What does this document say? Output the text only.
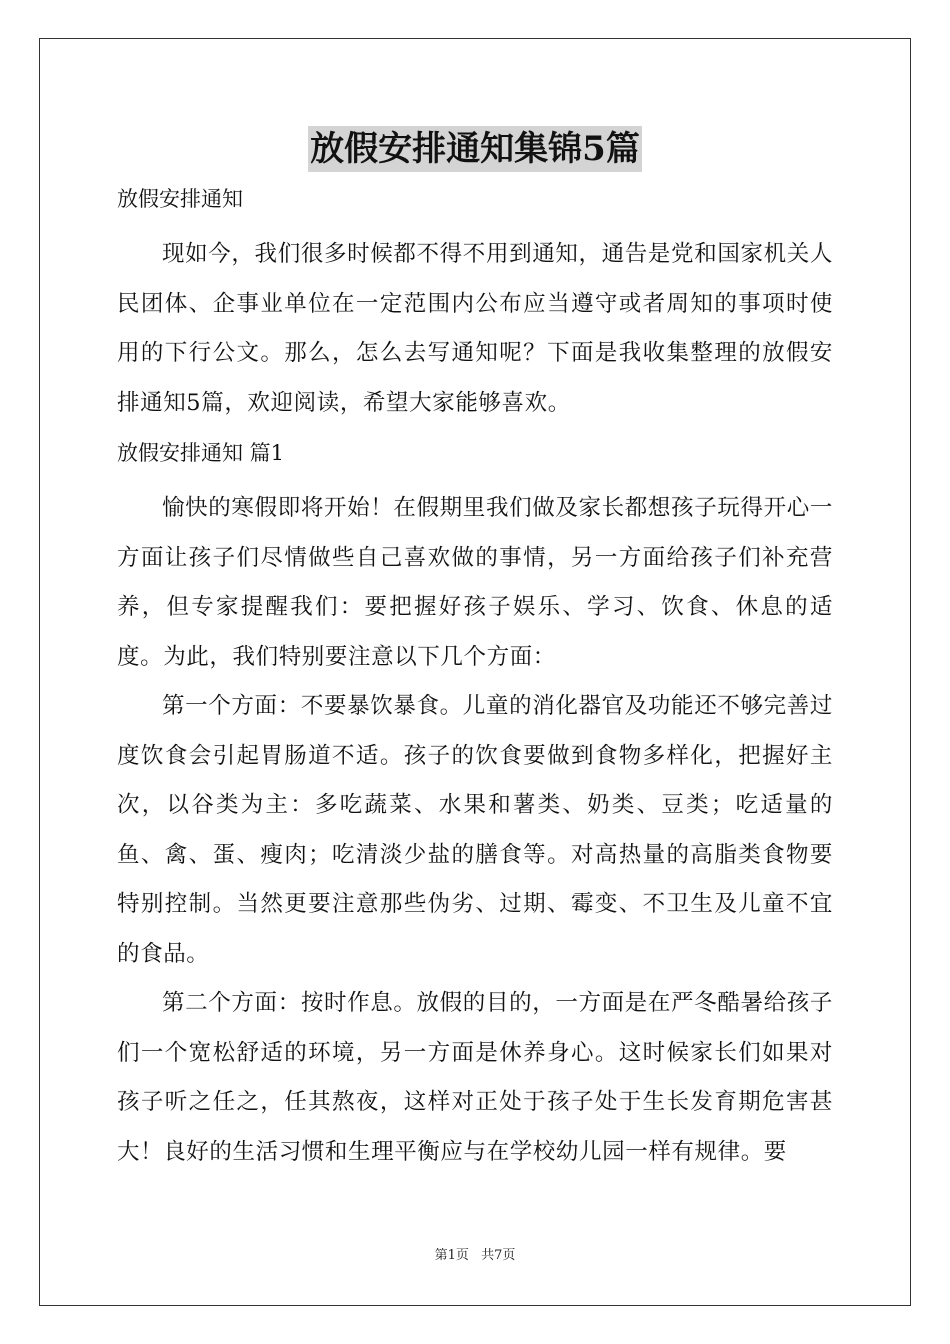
放假安排通知集锦5篇
放假安排通知

现如今，我们很多时候都不得不用到通知，通告是党和国家机关人民团体、企事业单位在一定范围内公布应当遵守或者周知的事项时使用的下行公文。那么，怎么去写通知呢？下面是我收集整理的放假安排通知5篇，欢迎阅读，希望大家能够喜欢。

放假安排通知 篇1

愉快的寒假即将开始！在假期里我们做及家长都想孩子玩得开心一方面让孩子们尽情做些自己喜欢做的事情，另一方面给孩子们补充营养，但专家提醒我们：要把握好孩子娱乐、学习、饮食、休息的适度。为此，我们特别要注意以下几个方面：

第一个方面：不要暴饮暴食。儿童的消化器官及功能还不够完善过度饮食会引起胃肠道不适。孩子的饮食要做到食物多样化，把握好主次，以谷类为主：多吃蔬菜、水果和薯类、奶类、豆类；吃适量的鱼、禽、蛋、瘦肉；吃清淡少盐的膳食等。对高热量的高脂类食物要特别控制。当然更要注意那些伪劣、过期、霉变、不卫生及儿童不宜的食品。

第二个方面：按时作息。放假的目的，一方面是在严冬酷暑给孩子们一个宽松舒适的环境，另一方面是休养身心。这时候家长们如果对孩子听之任之，任其熬夜，这样对正处于孩子处于生长发育期危害甚大！良好的生活习惯和生理平衡应与在学校幼儿园一样有规律。要

第1页 共7页
